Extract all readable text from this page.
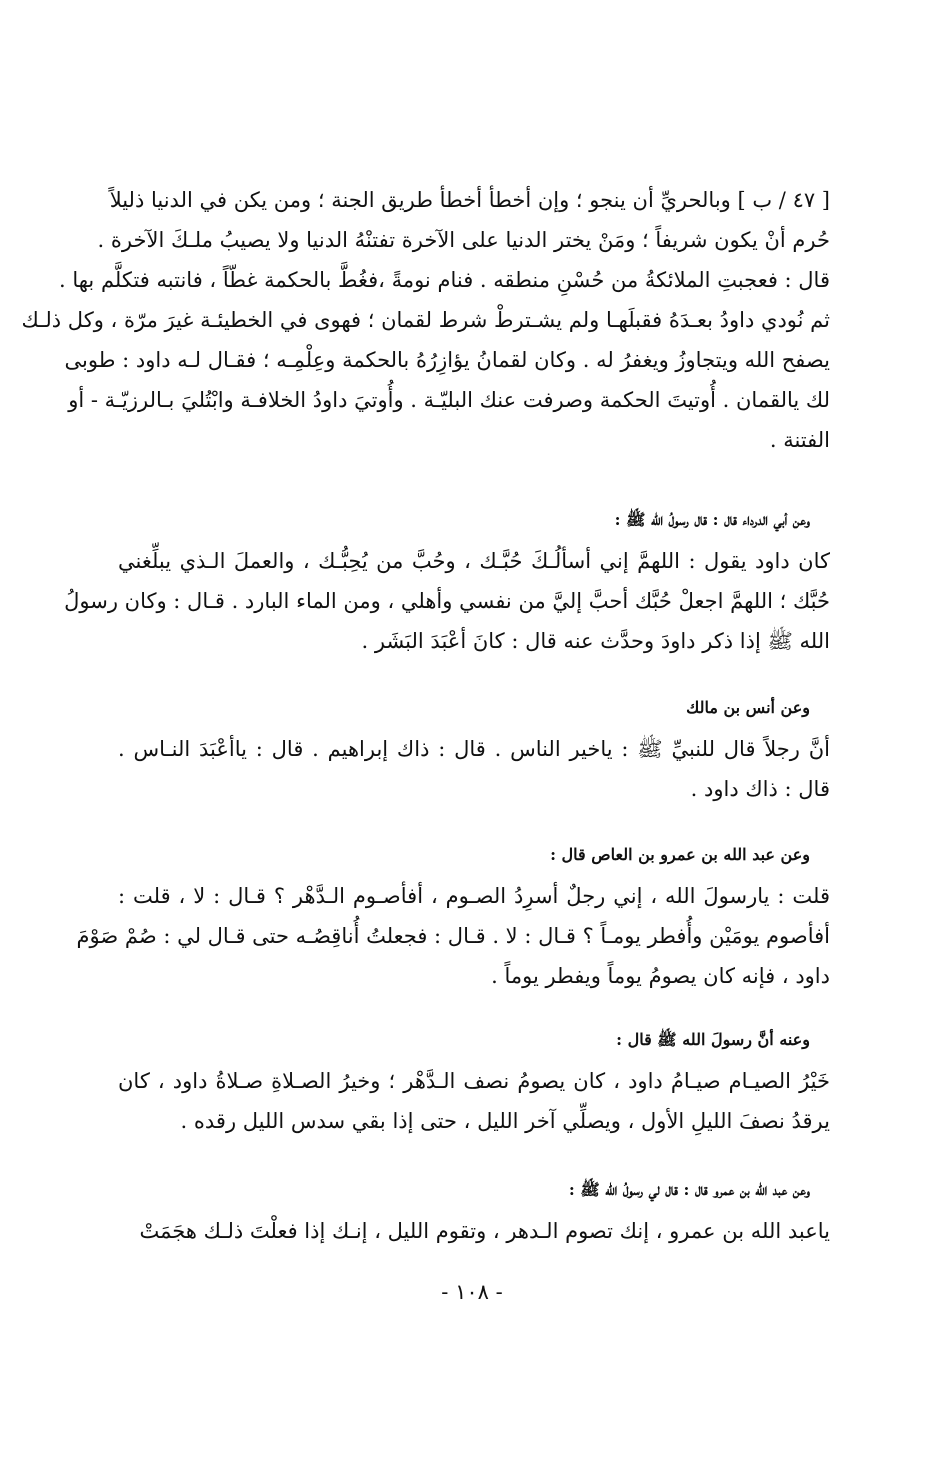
[ ٤٧ / ب ] وبالحريِّ أن ينجو ؛ وإن أخطأ أخطأ طريق الجنة ؛ ومن يكن في الدنيا ذليلاً
حُرم أنْ يكون شريفاً ؛ ومَنْ يختر الدنيا على الآخرة تفتنْهُ الدنيا ولا يصيبُ ملـكَ الآخرة .
قال : فعجبتِ الملائكةُ من حُسْنِ منطقه . فنام نومةً ،فغُطَّ بالحكمة غطّاً ، فانتبه فتكلَّم بها .
ثم نُودي داودُ بعـدَهُ فقبلَهـا ولم يشـترطْ شرط لقمان ؛ فهوى في الخطيئـة غيرَ مرّة ، وكل ذلـك
يصفح الله ويتجاوزُ ويغفرُ له . وكان لقمانُ يؤازِرُهُ بالحكمة وعِلْمِـه ؛ فقـال لـه داود : طوبى
لك يالقمان . أُوتيتَ الحكمة وصرفت عنك البليّـة . وأُوتيَ داودُ الخلافـة وابْتُليَ بـالرزيّـة - أو
الفتنة .
وعن أبي الدرداء قال : قال رسولُ الله ﷺ :
كان داود يقول : اللهمَّ إني أسألُـكَ حُبَّـك ، وحُبَّ من يُحِبُّـك ، والعملَ الـذي يبلِّغني
حُبَّك ؛ اللهمَّ اجعلْ حُبَّك أحبَّ إليَّ من نفسي وأهلي ، ومن الماء البارد . قـال : وكان رسولُ
الله ﷺ إذا ذكر داودَ وحدَّث عنه قال : كانَ أعْبَدَ البَشَر .
وعن أنس بن مالك
أنَّ رجلاً قال للنبيِّ ﷺ : ياخير الناس . قال : ذاك إبراهيم . قال : ياأعْبَدَ النـاس .
قال : ذاك داود .
وعن عبد الله بن عمرو بن العاص قال :
قلت : يارسولَ الله ، إني رجلٌ أسرِدُ الصـوم ، أفأصـوم الـدَّهْر ؟ قـال : لا ، قلت :
أفأصوم يومَيْن وأُفطر يومـاً ؟ قـال : لا . قـال : فجعلتُ أُناقِصُـه حتى قـال لي : صُمْ صَوْمَ
داود ، فإنه كان يصومُ يوماً ويفطر يوماً .
وعنه أنَّ رسولَ الله ﷺ قال :
خَيْرُ الصيـام صيـامُ داود ، كان يصومُ نصف الـدَّهْر ؛ وخيرُ الصـلاةِ صـلاةُ داود ، كان
يرقدُ نصفَ الليلِ الأول ، ويصلِّي آخر الليل ، حتى إذا بقي سدس الليل رقده .
وعن عبد الله بن عمرو قال : قال لي رسولُ الله ﷺ :
ياعبد الله بن عمرو ، إنك تصوم الـدهر ، وتقوم الليل ، إنـك إذا فعلْتَ ذلـك هجَمَتْ
- ١٠٨ -
